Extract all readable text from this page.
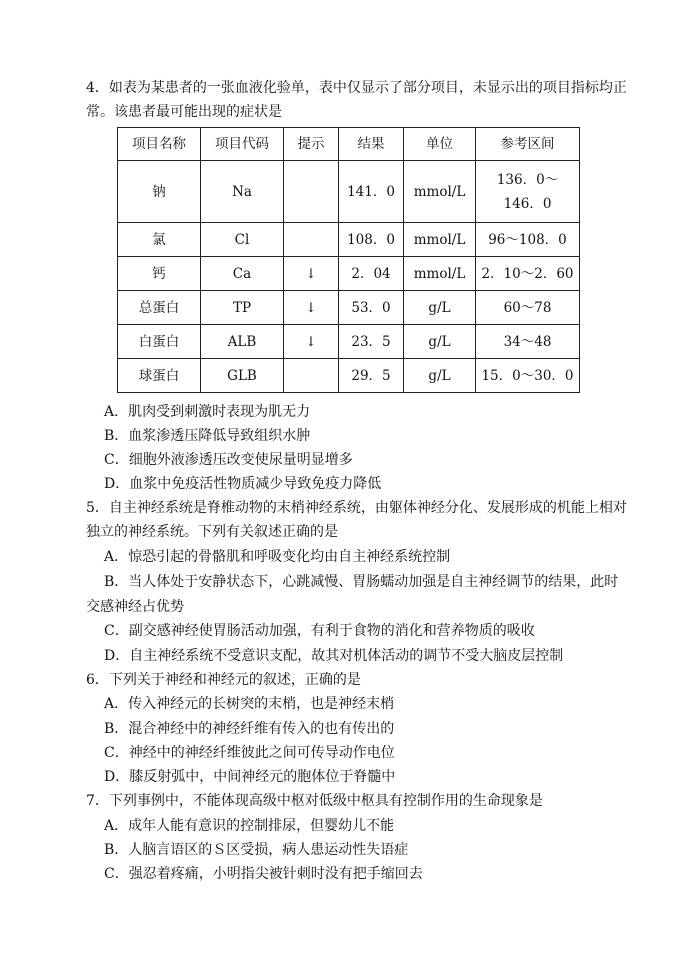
4．如表为某患者的一张血液化验单，表中仅显示了部分项目，未显示出的项目指标均正
常。该患者最可能出现的症状是
项目名称	项目代码	提示	结果	单位	参考区间
钠	Na		141．0	mmol/L	136．0～
146．0

氯	Cl		108．0	mmol/L	96～108．0
钙	Ca	↓	2．04	mmol/L	2．10～2．60
总蛋白	TP	↓	53．0	g/L	60～78
白蛋白	ALB	↓	23．5	g/L	34～48
球蛋白	GLB		29．5	g/L	15．0～30．0
A．肌肉受到刺激时表现为肌无力
B．血浆渗透压降低导致组织水肿
C．细胞外液渗透压改变使尿量明显增多
D．血浆中免疫活性物质减少导致免疫力降低
5．自主神经系统是脊椎动物的末梢神经系统，由躯体神经分化、发展形成的机能上相对
独立的神经系统。下列有关叙述正确的是
A．惊恐引起的骨骼肌和呼吸变化均由自主神经系统控制
B．当人体处于安静状态下，心跳减慢、胃肠蠕动加强是自主神经调节的结果，此时
交感神经占优势
C．副交感神经使胃肠活动加强，有利于食物的消化和营养物质的吸收
D．自主神经系统不受意识支配，故其对机体活动的调节不受大脑皮层控制
6．下列关于神经和神经元的叙述，正确的是
A．传入神经元的长树突的末梢，也是神经末梢
B．混合神经中的神经纤维有传入的也有传出的
C．神经中的神经纤维彼此之间可传导动作电位
D．膝反射弧中，中间神经元的胞体位于脊髓中
7．下列事例中，不能体现高级中枢对低级中枢具有控制作用的生命现象是
A．成年人能有意识的控制排尿，但婴幼儿不能
B．人脑言语区的Ｓ区受损，病人患运动性失语症
C．强忍着疼痛，小明指尖被针刺时没有把手缩回去
